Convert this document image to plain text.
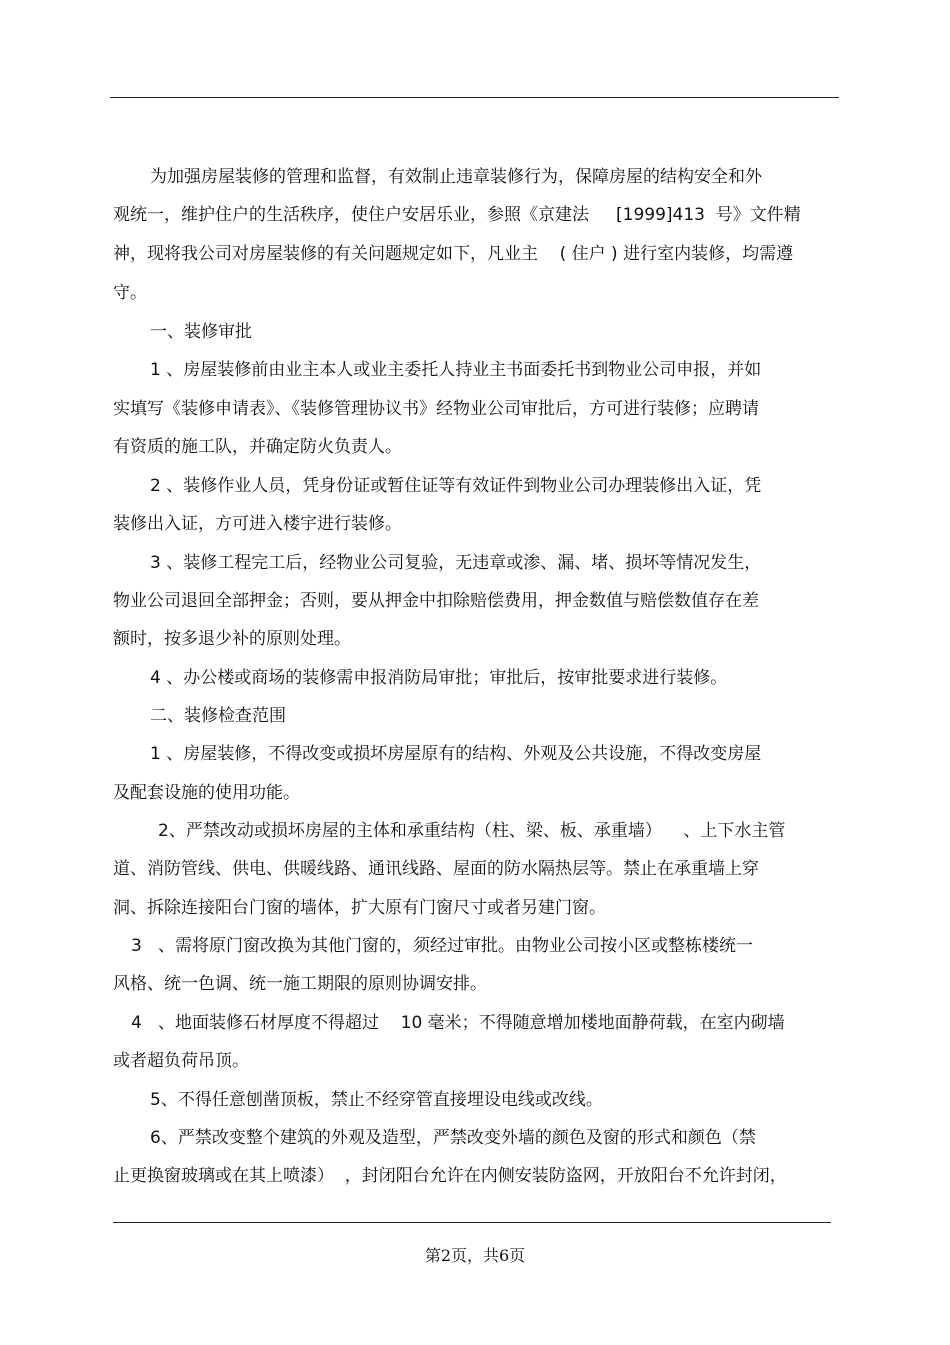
为加强房屋装修的管理和监督，有效制止违章装修行为，保障房屋的结构安全和外
观统一，维护住户的生活秩序，使住户安居乐业，参照《京建法     [1999]413  号》文件精
神，现将我公司对房屋装修的有关问题规定如下，凡业主    ( 住户 ) 进行室内装修，均需遵
守。
一、装修审批
1 、房屋装修前由业主本人或业主委托人持业主书面委托书到物业公司申报，并如
实填写《装修申请表》、《装修管理协议书》经物业公司审批后，方可进行装修；应聘请
有资质的施工队，并确定防火负责人。
2 、装修作业人员，凭身份证或暂住证等有效证件到物业公司办理装修出入证，凭
装修出入证，方可进入楼宇进行装修。
3 、装修工程完工后，经物业公司复验，无违章或渗、漏、堵、损坏等情况发生，
物业公司退回全部押金；否则，要从押金中扣除赔偿费用，押金数值与赔偿数值存在差
额时，按多退少补的原则处理。
4 、办公楼或商场的装修需申报消防局审批；审批后，按审批要求进行装修。
二、装修检查范围
1 、房屋装修，不得改变或损坏房屋原有的结构、外观及公共设施，不得改变房屋
及配套设施的使用功能。
2、严禁改动或损坏房屋的主体和承重结构（柱、梁、板、承重墙）    、上下水主管
道、消防管线、供电、供暖线路、通讯线路、屋面的防水隔热层等。禁止在承重墙上穿
洞、拆除连接阳台门窗的墙体，扩大原有门窗尺寸或者另建门窗。
3   、需将原门窗改换为其他门窗的，须经过审批。由物业公司按小区或整栋楼统一
风格、统一色调、统一施工期限的原则协调安排。
4   、地面装修石材厚度不得超过    10 毫米；不得随意增加楼地面静荷载，在室内砌墙
或者超负荷吊顶。
5、不得任意刨凿顶板，禁止不经穿管直接埋设电线或改线。
6、严禁改变整个建筑的外观及造型，严禁改变外墙的颜色及窗的形式和颜色（禁
止更换窗玻璃或在其上喷漆）  ，封闭阳台允许在内侧安装防盗网，开放阳台不允许封闭，
第2页，共6页
